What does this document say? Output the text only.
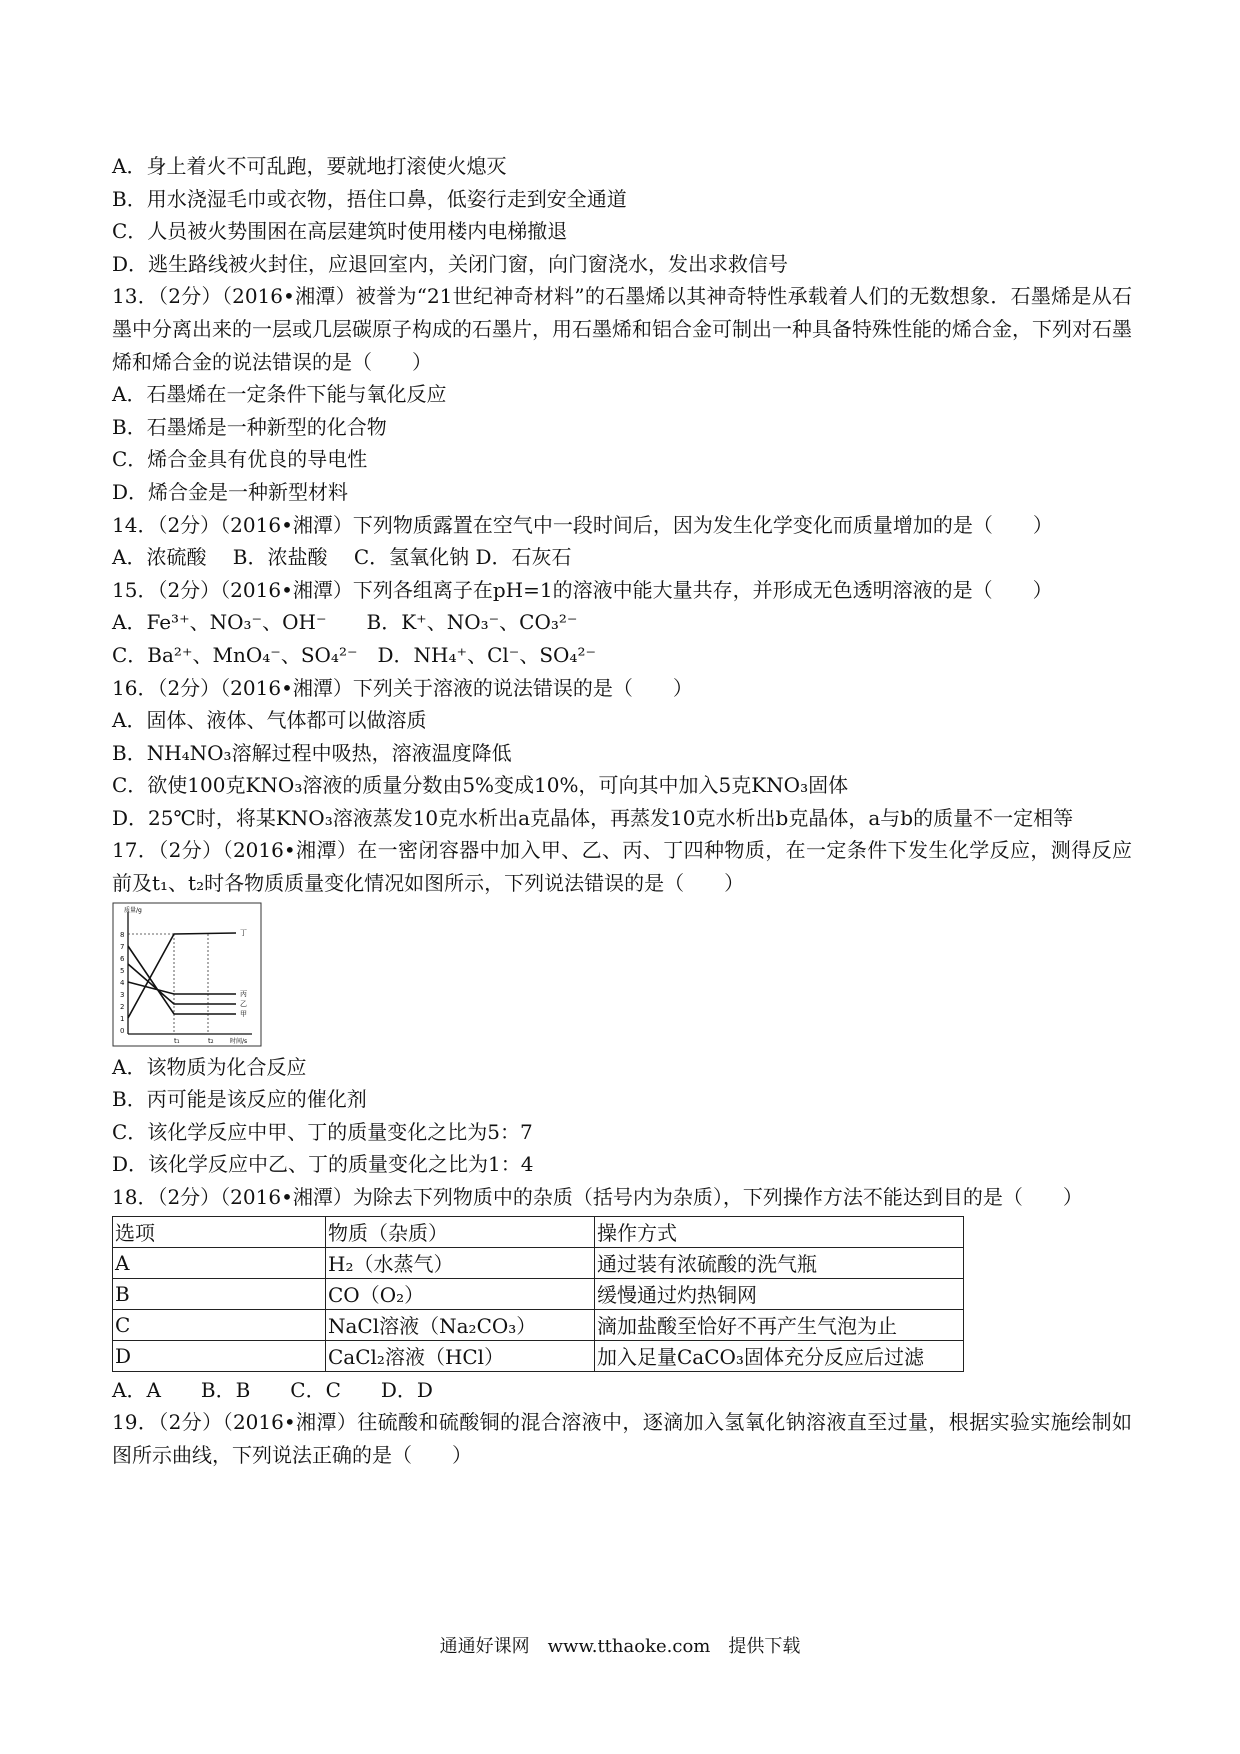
A．身上着火不可乱跑，要就地打滚使火熄灭
B．用水浇湿毛巾或衣物，捂住口鼻，低姿行走到安全通道
C．人员被火势围困在高层建筑时使用楼内电梯撤退
D．逃生路线被火封住，应退回室内，关闭门窗，向门窗浇水，发出求救信号
13．（2分）（2016•湘潭）被誉为“21世纪神奇材料”的石墨烯以其神奇特性承载着人们的无数想象．石墨烯是从石墨中分离出来的一层或几层碳原子构成的石墨片，用石墨烯和铝合金可制出一种具备特殊性能的烯合金，下列对石墨烯和烯合金的说法错误的是（　　）
A．石墨烯在一定条件下能与氧化反应
B．石墨烯是一种新型的化合物
C．烯合金具有优良的导电性
D．烯合金是一种新型材料
14．（2分）（2016•湘潭）下列物质露置在空气中一段时间后，因为发生化学变化而质量增加的是（　　）
A．浓硫酸　 B．浓盐酸　 C．氢氧化钠 D．石灰石
15．（2分）（2016•湘潭）下列各组离子在pH=1的溶液中能大量共存，并形成无色透明溶液的是（　　）
A．Fe³⁺、NO₃⁻、OH⁻　　B．K⁺、NO₃⁻、CO₃²⁻
C．Ba²⁺、MnO₄⁻、SO₄²⁻　D．NH₄⁺、Cl⁻、SO₄²⁻
16．（2分）（2016•湘潭）下列关于溶液的说法错误的是（　　）
A．固体、液体、气体都可以做溶质
B．NH₄NO₃溶解过程中吸热，溶液温度降低
C．欲使100克KNO₃溶液的质量分数由5%变成10%，可向其中加入5克KNO₃固体
D．25℃时，将某KNO₃溶液蒸发10克水析出a克晶体，再蒸发10克水析出b克晶体，a与b的质量不一定相等
17．（2分）（2016•湘潭）在一密闭容器中加入甲、乙、丙、丁四种物质，在一定条件下发生化学反应，测得反应前及t₁、t₂时各物质质量变化情况如图所示，下列说法错误的是（　　）
质量/g
时间/s
8
7
6
5
4
3
2
1
0
t₁	t₂
丁
丙
乙
甲
A．该物质为化合反应
B．丙可能是该反应的催化剂
C．该化学反应中甲、丁的质量变化之比为5：7
D．该化学反应中乙、丁的质量变化之比为1：4
18．（2分）（2016•湘潭）为除去下列物质中的杂质（括号内为杂质），下列操作方法不能达到目的是（　　）
选项	物质（杂质）	操作方式
A	H₂（水蒸气）	通过装有浓硫酸的洗气瓶
B	CO（O₂）	缓慢通过灼热铜网
C	NaCl溶液（Na₂CO₃）	滴加盐酸至恰好不再产生气泡为止
D	CaCl₂溶液（HCl）	加入足量CaCO₃固体充分反应后过滤
A．A　　B．B　　C．C　　D．D
19．（2分）（2016•湘潭）往硫酸和硫酸铜的混合溶液中，逐滴加入氢氧化钠溶液直至过量，根据实验实施绘制如图所示曲线，下列说法正确的是（　　）
通通好课网　www.tthaoke.com　提供下载
